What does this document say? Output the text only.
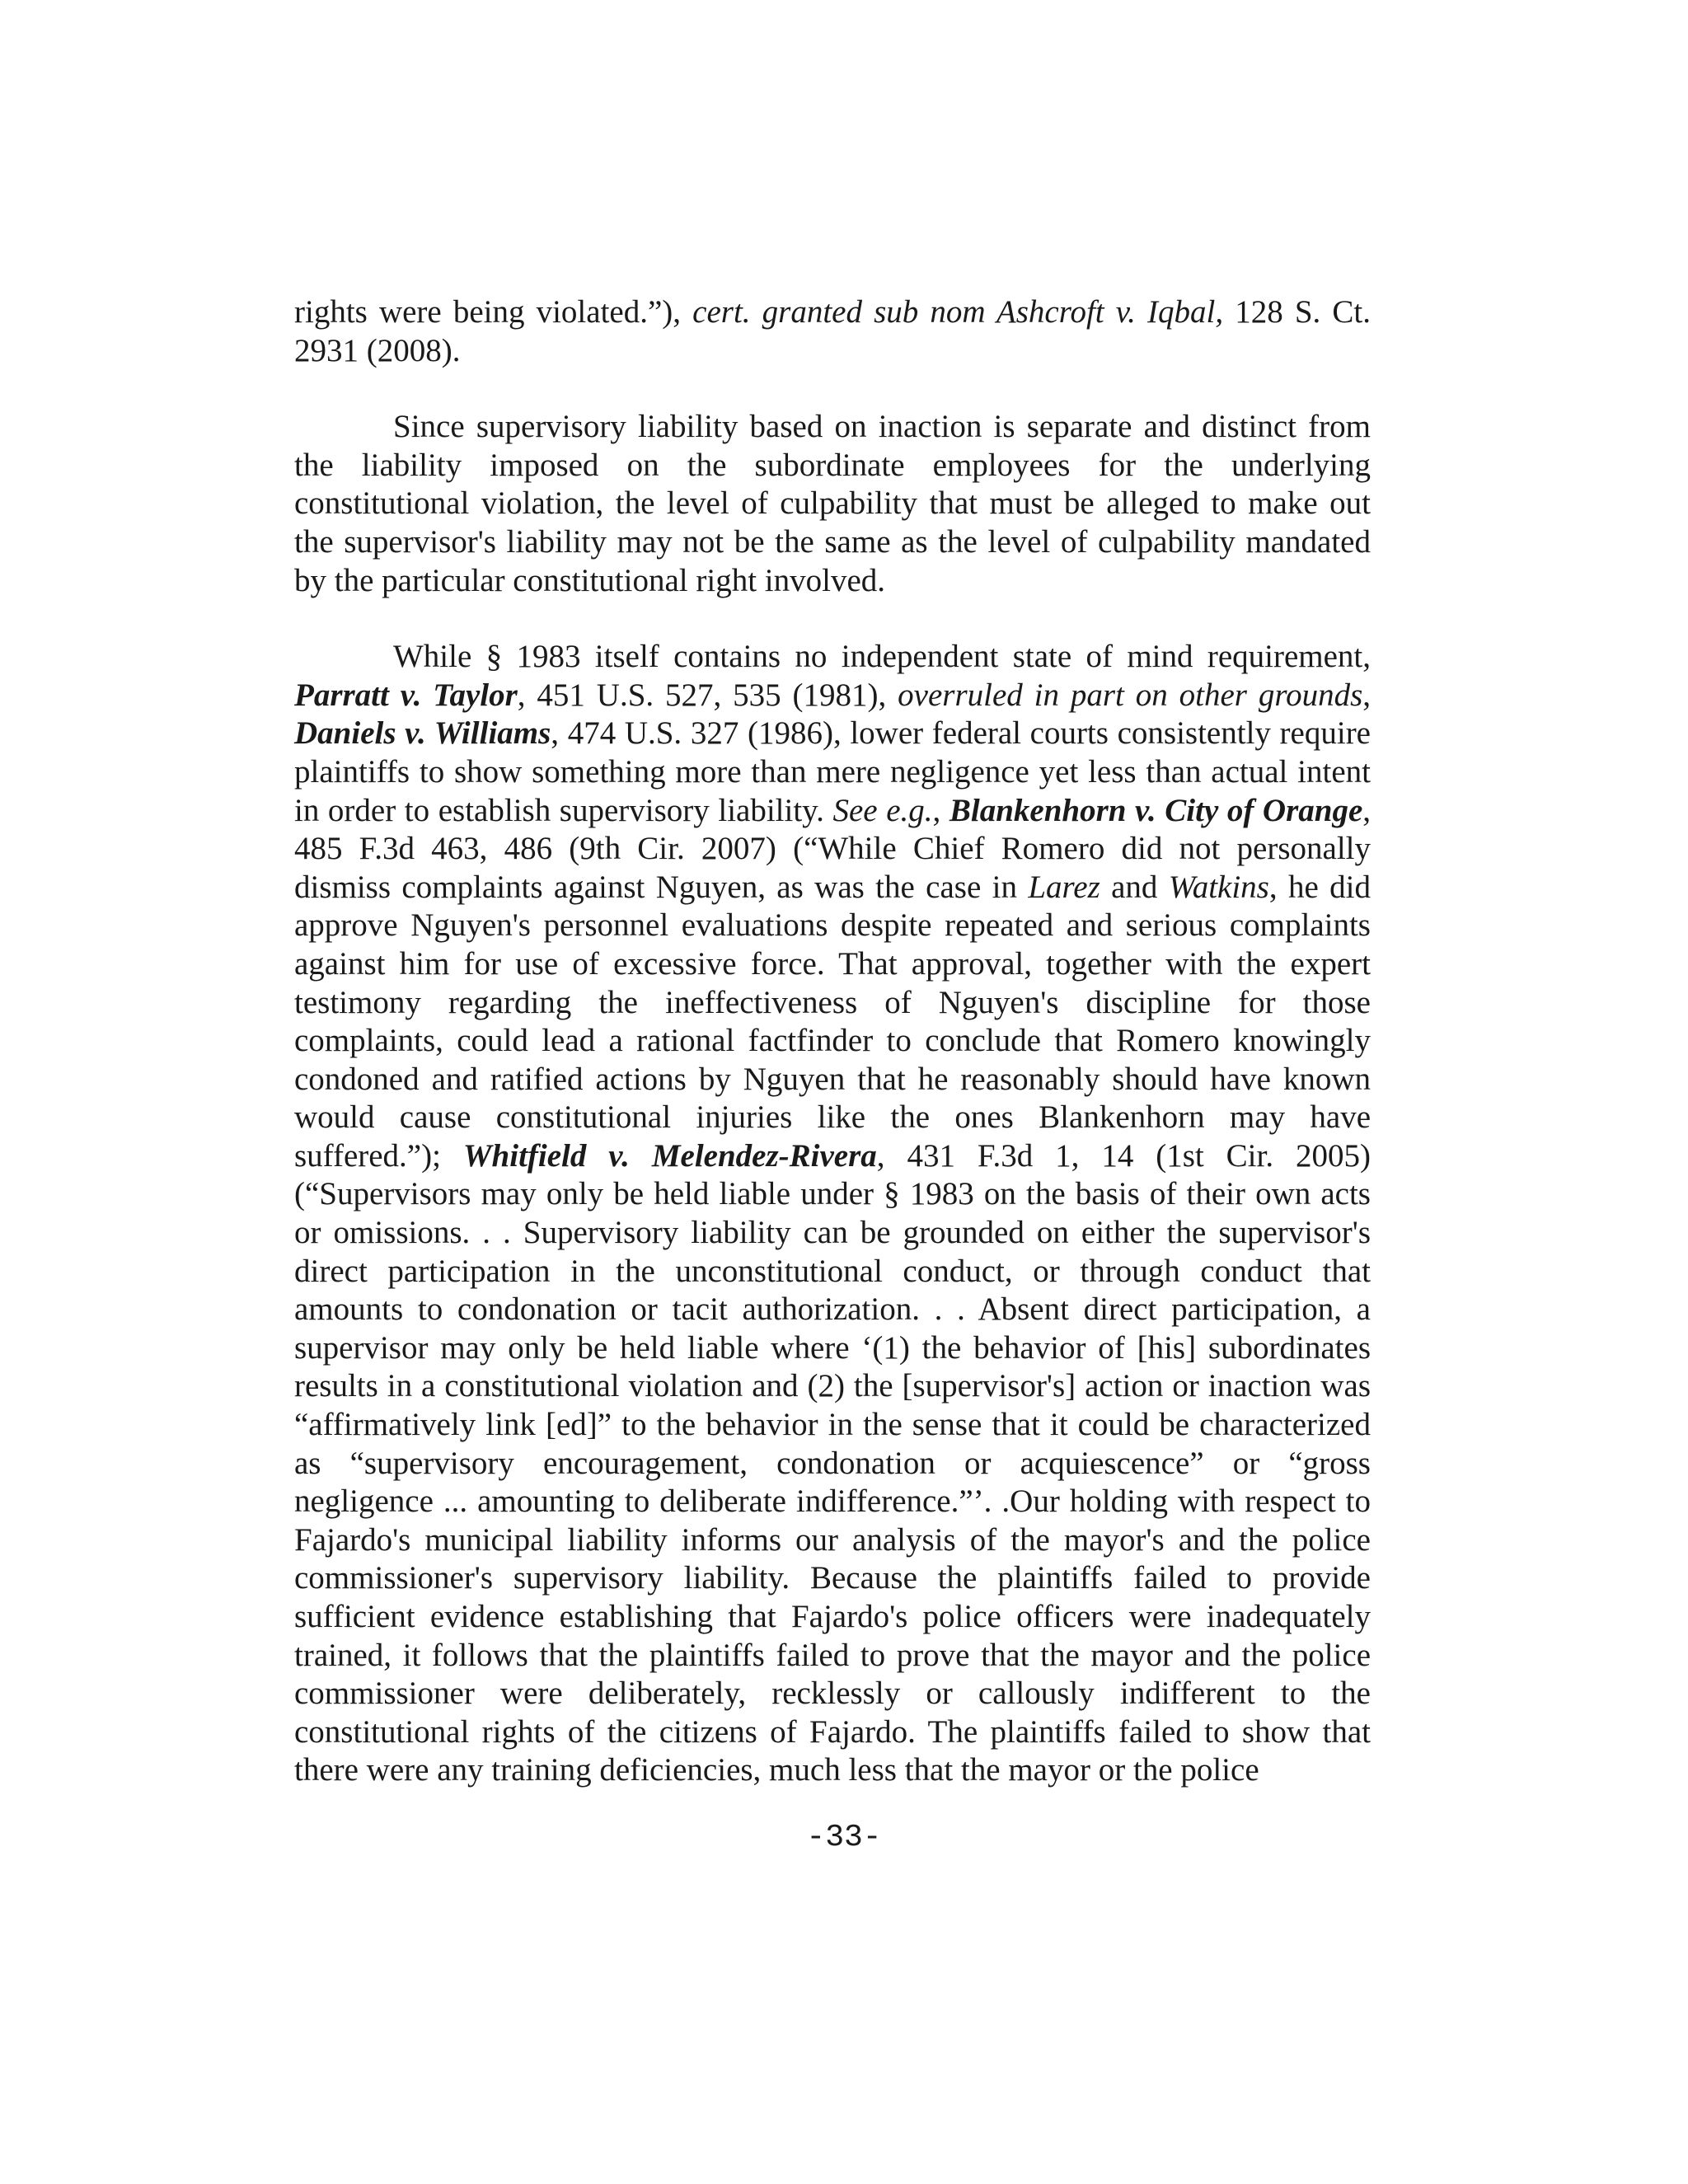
rights were being violated.”), cert. granted sub nom Ashcroft v. Iqbal, 128 S. Ct. 2931 (2008).

Since supervisory liability based on inaction is separate and distinct from the liability imposed on the subordinate employees for the underlying constitutional violation, the level of culpability that must be alleged to make out the supervisor's liability may not be the same as the level of culpability mandated by the particular constitutional right involved.

While § 1983 itself contains no independent state of mind requirement, Parratt v. Taylor, 451 U.S. 527, 535 (1981), overruled in part on other grounds, Daniels v. Williams, 474 U.S. 327 (1986), lower federal courts consistently require plaintiffs to show something more than mere negligence yet less than actual intent in order to establish supervisory liability. See e.g., Blankenhorn v. City of Orange, 485 F.3d 463, 486 (9th Cir. 2007) (“While Chief Romero did not personally dismiss complaints against Nguyen, as was the case in Larez and Watkins, he did approve Nguyen's personnel evaluations despite repeated and serious complaints against him for use of excessive force. That approval, together with the expert testimony regarding the ineffectiveness of Nguyen's discipline for those complaints, could lead a rational factfinder to conclude that Romero knowingly condoned and ratified actions by Nguyen that he reasonably should have known would cause constitutional injuries like the ones Blankenhorn may have suffered.”); Whitfield v. Melendez-Rivera, 431 F.3d 1, 14 (1st Cir. 2005) (“Supervisors may only be held liable under § 1983 on the basis of their own acts or omissions. . . Supervisory liability can be grounded on either the supervisor's direct participation in the unconstitutional conduct, or through conduct that amounts to condonation or tacit authorization. . . Absent direct participation, a supervisor may only be held liable where ‘(1) the behavior of [his] subordinates results in a constitutional violation and (2) the [supervisor's] action or inaction was “affirmatively link [ed]” to the behavior in the sense that it could be characterized as “supervisory encouragement, condonation or acquiescence” or “gross negligence ... amounting to deliberate indifference.”’. .Our holding with respect to Fajardo's municipal liability informs our analysis of the mayor's and the police commissioner's supervisory liability. Because the plaintiffs failed to provide sufficient evidence establishing that Fajardo's police officers were inadequately trained, it follows that the plaintiffs failed to prove that the mayor and the police commissioner were deliberately, recklessly or callously indifferent to the constitutional rights of the citizens of Fajardo. The plaintiffs failed to show that there were any training deficiencies, much less that the mayor or the police

-33-
